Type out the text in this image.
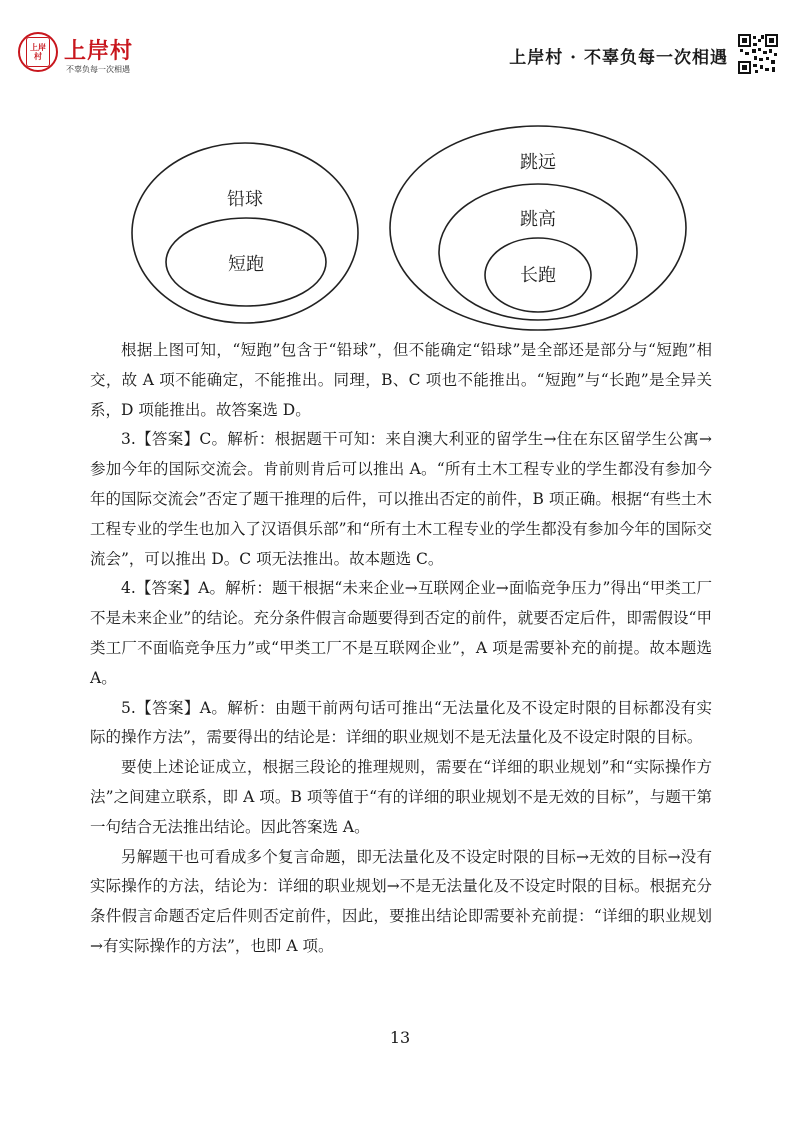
上岸村	上岸村
不辜负每一次相遇
上岸村 · 不辜负每一次相遇
铅球
短跑
跳远
跳高
长跑

根据上图可知，“短跑”包含于“铅球”，但不能确定“铅球”是全部还是部分与“短跑”相交，故 A 项不能确定，不能推出。同理，B、C 项也不能推出。“短跑”与“长跑”是全异关系，D 项能推出。故答案选 D。

3.【答案】C。解析：根据题干可知：来自澳大利亚的留学生→住在东区留学生公寓→参加今年的国际交流会。肯前则肯后可以推出 A。“所有土木工程专业的学生都没有参加今年的国际交流会”否定了题干推理的后件，可以推出否定的前件，B 项正确。根据“有些土木工程专业的学生也加入了汉语俱乐部”和“所有土木工程专业的学生都没有参加今年的国际交流会”，可以推出 D。C 项无法推出。故本题选 C。

4.【答案】A。解析：题干根据“未来企业→互联网企业→面临竞争压力”得出“甲类工厂不是未来企业”的结论。充分条件假言命题要得到否定的前件，就要否定后件，即需假设“甲类工厂不面临竞争压力”或“甲类工厂不是互联网企业”，A 项是需要补充的前提。故本题选 A。

5.【答案】A。解析：由题干前两句话可推出“无法量化及不设定时限的目标都没有实际的操作方法”，需要得出的结论是：详细的职业规划不是无法量化及不设定时限的目标。

要使上述论证成立，根据三段论的推理规则，需要在“详细的职业规划”和“实际操作方法”之间建立联系，即 A 项。B 项等值于“有的详细的职业规划不是无效的目标”，与题干第一句结合无法推出结论。因此答案选 A。

另解题干也可看成多个复言命题，即无法量化及不设定时限的目标→无效的目标→没有实际操作的方法，结论为：详细的职业规划→不是无法量化及不设定时限的目标。根据充分条件假言命题否定后件则否定前件，因此，要推出结论即需要补充前提：“详细的职业规划→有实际操作的方法”，也即 A 项。

13
